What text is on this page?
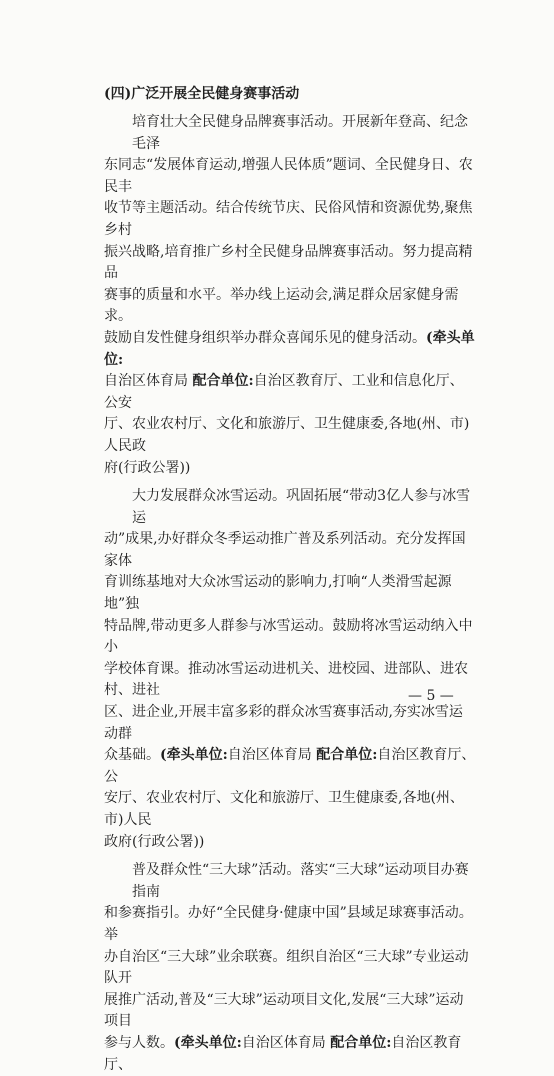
(四)广泛开展全民健身赛事活动

培育壮大全民健身品牌赛事活动。开展新年登高、纪念毛泽

东同志“发展体育运动,增强人民体质”题词、全民健身日、农民丰

收节等主题活动。结合传统节庆、民俗风情和资源优势,聚焦乡村

振兴战略,培育推广乡村全民健身品牌赛事活动。努力提高精品

赛事的质量和水平。举办线上运动会,满足群众居家健身需求。

鼓励自发性健身组织举办群众喜闻乐见的健身活动。(牵头单位:

自治区体育局 配合单位:自治区教育厅、工业和信息化厅、公安

厅、农业农村厅、文化和旅游厅、卫生健康委,各地(州、市)人民政

府(行政公署))

大力发展群众冰雪运动。巩固拓展“带动3亿人参与冰雪运

动”成果,办好群众冬季运动推广普及系列活动。充分发挥国家体

育训练基地对大众冰雪运动的影响力,打响“人类滑雪起源地”独

特品牌,带动更多人群参与冰雪运动。鼓励将冰雪运动纳入中小

学校体育课。推动冰雪运动进机关、进校园、进部队、进农村、进社

区、进企业,开展丰富多彩的群众冰雪赛事活动,夯实冰雪运动群

众基础。(牵头单位:自治区体育局 配合单位:自治区教育厅、公

安厅、农业农村厅、文化和旅游厅、卫生健康委,各地(州、市)人民

政府(行政公署))

普及群众性“三大球”活动。落实“三大球”运动项目办赛指南

和参赛指引。办好“全民健身·健康中国”县域足球赛事活动。举

办自治区“三大球”业余联赛。组织自治区“三大球”专业运动队开

展推广活动,普及“三大球”运动项目文化,发展“三大球”运动项目

参与人数。(牵头单位:自治区体育局 配合单位:自治区教育厅、

— 5 —
